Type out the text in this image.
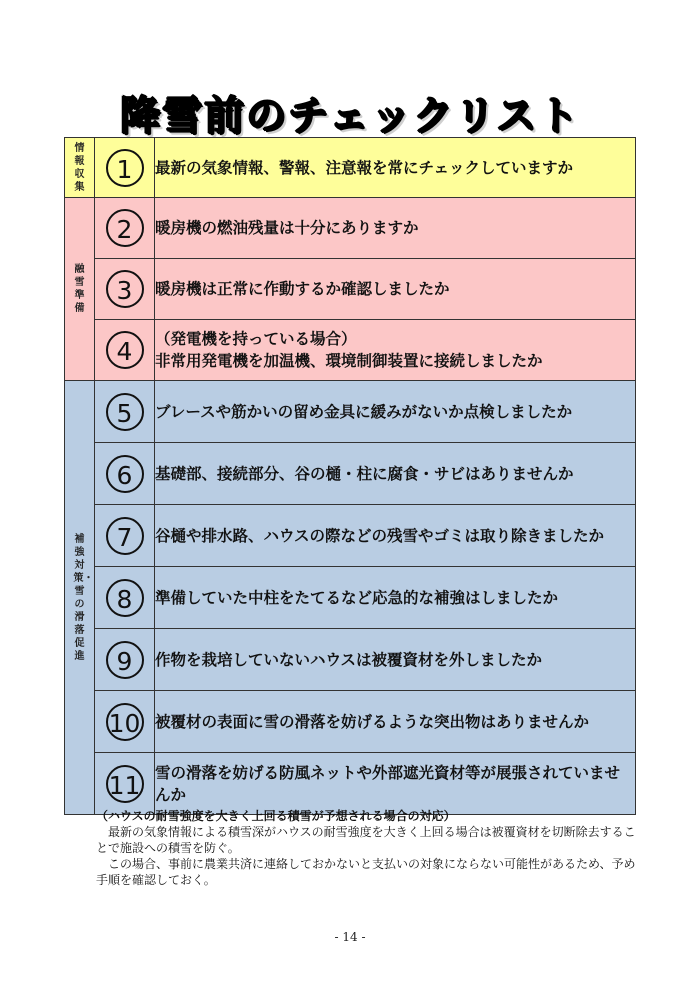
降雪前のチェックリスト
情報収集	1	最新の気象情報、警報、注意報を常にチェックしていますか
融雪準備	2	暖房機の燃油残量は十分にありますか
	3	暖房機は正常に作動するか確認しましたか
	4	（発電機を持っている場合）
非常用発電機を加温機、環境制御装置に接続しましたか

補強対策・雪の滑落促進	5	ブレースや筋かいの留め金具に緩みがないか点検しましたか
	6	基礎部、接続部分、谷の樋・柱に腐食・サビはありませんか
	7	谷樋や排水路、ハウスの際などの残雪やゴミは取り除きましたか
	8	準備していた中柱をたてるなど応急的な補強はしましたか
	9	作物を栽培していないハウスは被覆資材を外しましたか
	10	被覆材の表面に雪の滑落を妨げるような突出物はありませんか
	11	雪の滑落を妨げる防風ネットや外部遮光資材等が展張されていませんか

（ハウスの耐雪強度を大きく上回る積雪が予想される場合の対応）

　最新の気象情報による積雪深がハウスの耐雪強度を大きく上回る場合は被覆資材を切断除去することで施設への積雪を防ぐ。

　この場合、事前に農業共済に連絡しておかないと支払いの対象にならない可能性があるため、予め手順を確認しておく。

- 14 -
